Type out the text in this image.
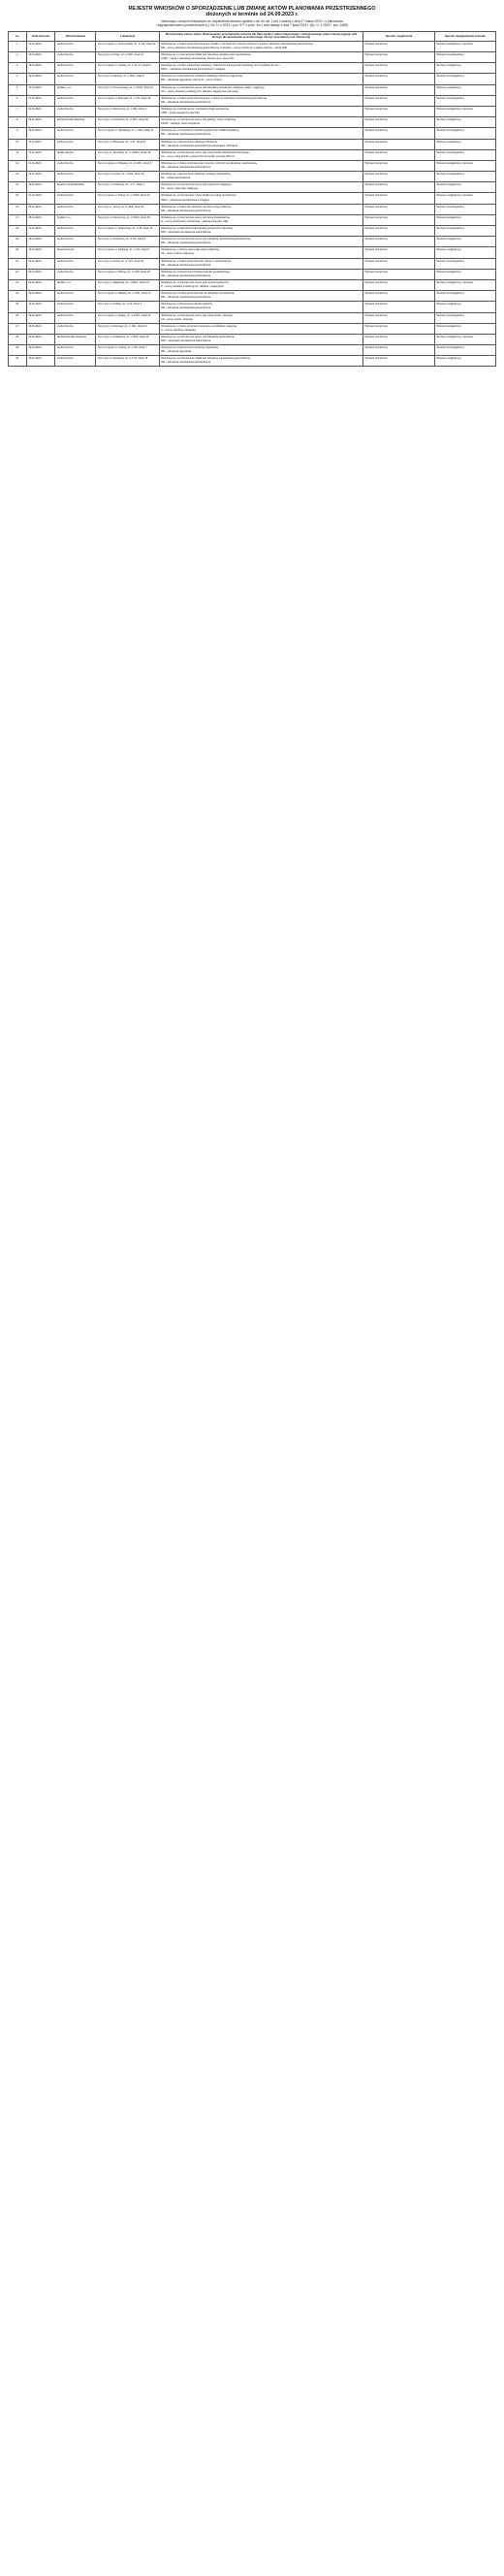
REJESTR WNIOSKÓW O SPORZĄDZENIE LUB ZMIANĘ AKTÓW PLANOWANIA PRZESTRZENNEGO
złożonych w terminie od 24.09.2023 r.
Informacja o danych niezbędnych do rozpatrzenia wniosku zgodnie z art. 8c ust. 1 pkt 2 ustawy z dnia 27 marca 2003 r. o planowaniu
i zagospodarowaniu przestrzennym (t.j. Dz. U. z 2023 r. poz. 977 z późn. zm.) oraz ustawy z dnia 7 lipca 2023 r. (Dz. U. z 2023 r. poz. 1688)
Lp.	Data złożenia	Wnioskodawca	Lokalizacja	Wnioskowany zakres zmian: Wnioskowane przeznaczenie terenów lub Plan ogólny / planu miejscowego / zintegrowanego planu inwestycyjnego (dla którego akt planowania przestrzennego ma być sporządzony lub zmieniony)	Sposób rozpatrzenia	Sposób uwzględnienia wniosku
1.	13.10.2023 r.	osoba fizyczna	Teren w rejonie ul. Szczecińskiej, Dz. nr 1/3, obręb 22	Wnioskuje się o zmianę przeznaczenia terenu działki nr 1/3 obręb 22 z terenów rolniczych na tereny zabudowy mieszkaniowej jednorodzinnej.
MN – tereny zabudowy mieszkaniowej jednorodzinnej, w Studium – tereny rolnicze R, w planie ogólnym – strefa SZM.	Wniosek rozpatrzony	Wniosek uwzględniony częściowo
2.	16.10.2023 r.	osoba fizyczna	Teren przy ul. Polnej, dz. nr 45/2, obręb 14	Wnioskuje się o przeznaczenie działki pod zabudowę usługową oraz mieszkaniową.
U/MN – usługi z zabudową mieszkaniową, obecnie teren zieleni ZN.	Wniosek rozpatrzony	Wniosek nieuwzględniony
3.	18.10.2023 r.	osoba fizyczna	Teren w rejonie ul. Lipowej, dz. nr 12, 13, obręb 5	Wnioskuje się o zmianę parametrów zabudowy: zwiększenie intensywności zabudowy oraz wysokości do 12 m.
MN/U – zabudowa mieszkaniowa jednorodzinna z usługami.	Wniosek rozpatrzony	Wniosek uwzględniony
4.	20.10.2023 r.	osoba fizyczna	Teren przy ul. Łąkowej, dz. nr 88/1, obręb 9	Wnioskuje się o wprowadzenie możliwości lokalizacji zabudowy zagrodowej.
RM – zabudowa zagrodowa, obecnie R – tereny rolnicze.	Wniosek rozpatrzony	Wniosek nieuwzględniony
5.	24.10.2023 r.	Spółka z o.o.	Teren przy ul. Przemysłowej, dz. nr 210/4, obręb 31	Wnioskuje się o przeznaczenie terenu pod zabudowę produkcyjno-usługową, składy i magazyny.
P/U – tereny obiektów produkcyjnych, składów i magazynów oraz usług.	Wniosek rozpatrzony	Wniosek uwzględniony
6.	27.10.2023 r.	osoba fizyczna	Teren w rejonie ul. Klonowej, dz. nr 7/6, obręb 18	Wnioskuje się o zmianę przeznaczenia terenu z zieleni na zabudowę mieszkaniową jednorodzinną.
MN – zabudowa mieszkaniowa jednorodzinna.	Wniosek rozpatrzony	Wniosek nieuwzględniony
7.	02.11.2023 r.	osoba fizyczna	Teren przy ul. Słonecznej, dz. nr 301, obręb 2	Wnioskuje się o podział terenu i wydzielenie drogi wewnętrznej.
KDW – droga wewnętrzna oraz MN.	Wniosek rozpatrzony	Wniosek uwzględniony częściowo
8.	06.11.2023 r.	Wspólnota Mieszkaniowa	Teren przy ul. Kościuszki, dz. nr 55/3, obręb 40	Wnioskuje się o przeznaczenie terenu pod parking i zieleń urządzoną.
KS/ZP – parkingi i zieleń urządzona.	Wniosek rozpatrzony	Wniosek uwzględniony
9.	09.11.2023 r.	osoba fizyczna	Teren w rejonie ul. Ogrodowej, dz. nr 19/2, obręb 11	Wnioskuje się o zmniejszenie minimalnej powierzchni działki budowlanej.
MN – zabudowa mieszkaniowa jednorodzinna.	Wniosek rozpatrzony	Wniosek nieuwzględniony
10.	14.11.2023 r.	osoba fizyczna	Teren przy ul. Brzozowej, dz. nr 64, obręb 27	Wnioskuje się o dopuszczenie zabudowy bliźniaczej.
MN – zabudowa mieszkaniowa jednorodzinna wolnostojąca i bliźniacza.	Wniosek rozpatrzony	Wniosek uwzględniony
11.	17.11.2023 r.	Spółka akcyjna	Teren przy ul. Toruńskiej, dz. nr 400/12, obręb 33	Wnioskuje się o przeznaczenie terenu pod usługi handlu wielkopowierzchniowego.
UC – tereny usług handlu o powierzchni sprzedaży powyżej 2000 m².	Wniosek rozpatrzony	Wniosek nieuwzględniony
12.	21.11.2023 r.	osoba fizyczna	Teren w rejonie ul. Wiejskiej, dz. nr 140/1, obręb 6	Wnioskuje się o zmianę przeznaczenia z terenów rolniczych na zabudowę mieszkaniową.
MN – zabudowa mieszkaniowa jednorodzinna.	Wniosek rozpatrzony	Wniosek uwzględniony częściowo
13.	24.11.2023 r.	osoba fizyczna	Teren przy ul. Leśnej, dz. nr 9/14, obręb 19	Wnioskuje się o dopuszczenie zabudowy rekreacji indywidualnej.
ML – zabudowa letniskowa.	Wniosek rozpatrzony	Wniosek nieuwzględniony
14.	28.11.2023 r.	Parafia rzymskokatolicka	Teren przy ul. Kościelnej, dz. nr 77, obręb 1	Wnioskuje się o przeznaczenie terenu pod usługi kultu religijnego.
UK – tereny usług kultu religijnego.	Wniosek rozpatrzony	Wniosek uwzględniony
15.	01.12.2023 r.	osoba fizyczna	Teren w rejonie ul. Polnej, dz. nr 200/5, obręb 14	Wnioskuje się o przeznaczenie części działki pod usługi rzemieślnicze.
MN/U – zabudowa mieszkaniowa z usługami.	Wniosek rozpatrzony	Wniosek uwzględniony częściowo
16.	05.12.2023 r.	osoba fizyczna	Teren przy ul. Jasnej, dz. nr 33/8, obręb 22	Wnioskuje się o zmianę linii zabudowy od strony drogi publicznej.
MN – zabudowa mieszkaniowa jednorodzinna.	Wniosek rozpatrzony	Wniosek nieuwzględniony
17.	08.12.2023 r.	Spółka z o.o.	Teren przy ul. Fabrycznej, dz. nr 510/2, obręb 35	Wnioskuje się o przeznaczenie terenu pod farmę fotowoltaiczną.
E – tereny infrastruktury technicznej – elektroenergetyka, OZE.	Wniosek rozpatrzony	Wniosek uwzględniony
18.	12.12.2023 r.	osoba fizyczna	Teren w rejonie ul. Spacerowej, dz. nr 48, obręb 12	Wnioskuje się o zwiększenie dopuszczalnej powierzchni zabudowy.
MW – zabudowa mieszkaniowa wielorodzinna.	Wniosek rozpatrzony	Wniosek nieuwzględniony
19.	15.12.2023 r.	osoba fizyczna	Teren przy ul. Granicznej, dz. nr 6/3, obręb 4	Wnioskuje się o przeznaczenie terenu pod zabudowę mieszkaniową jednorodzinną.
MN – zabudowa mieszkaniowa jednorodzinna.	Wniosek rozpatrzony	Wniosek uwzględniony
20.	19.12.2023 r.	Stowarzyszenie	Teren w rejonie ul. Parkowej, dz. nr 2/1, obręb 8	Wnioskuje się o ochronę terenu jako zieleni publicznej.
ZP – tereny zieleni urządzonej.	Wniosek rozpatrzony	Wniosek uwzględniony
21.	22.12.2023 r.	osoba fizyczna	Teren przy ul. Cichej, dz. nr 71/4, obręb 16	Wnioskuje się o zmianę przeznaczenia z usług na mieszkaniową.
MN – zabudowa mieszkaniowa jednorodzinna.	Wniosek rozpatrzony	Wniosek nieuwzględniony
22.	29.12.2023 r.	osoba fizyczna	Teren w rejonie ul. Wodnej, dz. nr 13/9, obręb 29	Wnioskuje się o dopuszczenie budowy budynku gospodarczego.
MN – zabudowa mieszkaniowa jednorodzinna.	Wniosek rozpatrzony	Wniosek uwzględniony
23.	04.01.2024 r.	Spółka z o.o.	Teren przy ul. Składowej, dz. nr 600/1, obręb 37	Wnioskuje się o przeznaczenie terenu pod centrum logistyczne.
P – tereny obiektów produkcyjnych, składów i magazynów.	Wniosek rozpatrzony	Wniosek uwzględniony częściowo
24.	09.01.2024 r.	osoba fizyczna	Teren w rejonie ul. Różanej, dz. nr 25/2, obręb 13	Wnioskuje się o zmianę przeznaczenia na zabudowę mieszkaniową.
MN – zabudowa mieszkaniowa jednorodzinna.	Wniosek rozpatrzony	Wniosek nieuwzględniony
25.	12.01.2024 r.	osoba fizyczna	Teren przy ul. Krótkiej, dz. nr 81, obręb 3	Wnioskuje się o dopuszczenie dachów płaskich.
MN – zabudowa mieszkaniowa jednorodzinna.	Wniosek rozpatrzony	Wniosek uwzględniony
26.	16.01.2024 r.	osoba fizyczna	Teren w rejonie ul. Długiej, dz. nr 150/7, obręb 21	Wnioskuje się o przeznaczenie terenu pod usługi sportu i rekreacji.
US – tereny sportu i rekreacji.	Wniosek rozpatrzony	Wniosek nieuwzględniony
27.	19.01.2024 r.	osoba fizyczna	Teren przy ul. Mostowej, dz. nr 44/1, obręb 10	Wnioskuje się o zmianę przeznaczenia terenu na zabudowę usługową.
U – tereny zabudowy usługowej.	Wniosek rozpatrzony	Wniosek uwzględniony
28.	23.01.2024 r.	Spółdzielnia Mieszkaniowa	Teren przy ul. Osiedlowej, dz. nr 90/6, obręb 26	Wnioskuje się o przeznaczenie terenu pod zabudowę wielorodzinną.
MW – zabudowa mieszkaniowa wielorodzinna.	Wniosek rozpatrzony	Wniosek uwzględniony częściowo
29.	26.01.2024 r.	osoba fizyczna	Teren w rejonie ul. Lnianej, dz. nr 5/5, obręb 7	Wnioskuje się o dopuszczenie zabudowy zagrodowej.
RM – zabudowa zagrodowa.	Wniosek rozpatrzony	Wniosek nieuwzględniony
30.	30.01.2024 r.	osoba fizyczna	Teren przy ul. Akacjowej, dz. nr 17/3, obręb 15	Wnioskuje się o przeznaczenie działki pod zabudowę mieszkaniową jednorodzinną.
MN – zabudowa mieszkaniowa jednorodzinna.	Wniosek rozpatrzony	Wniosek uwzględniony
